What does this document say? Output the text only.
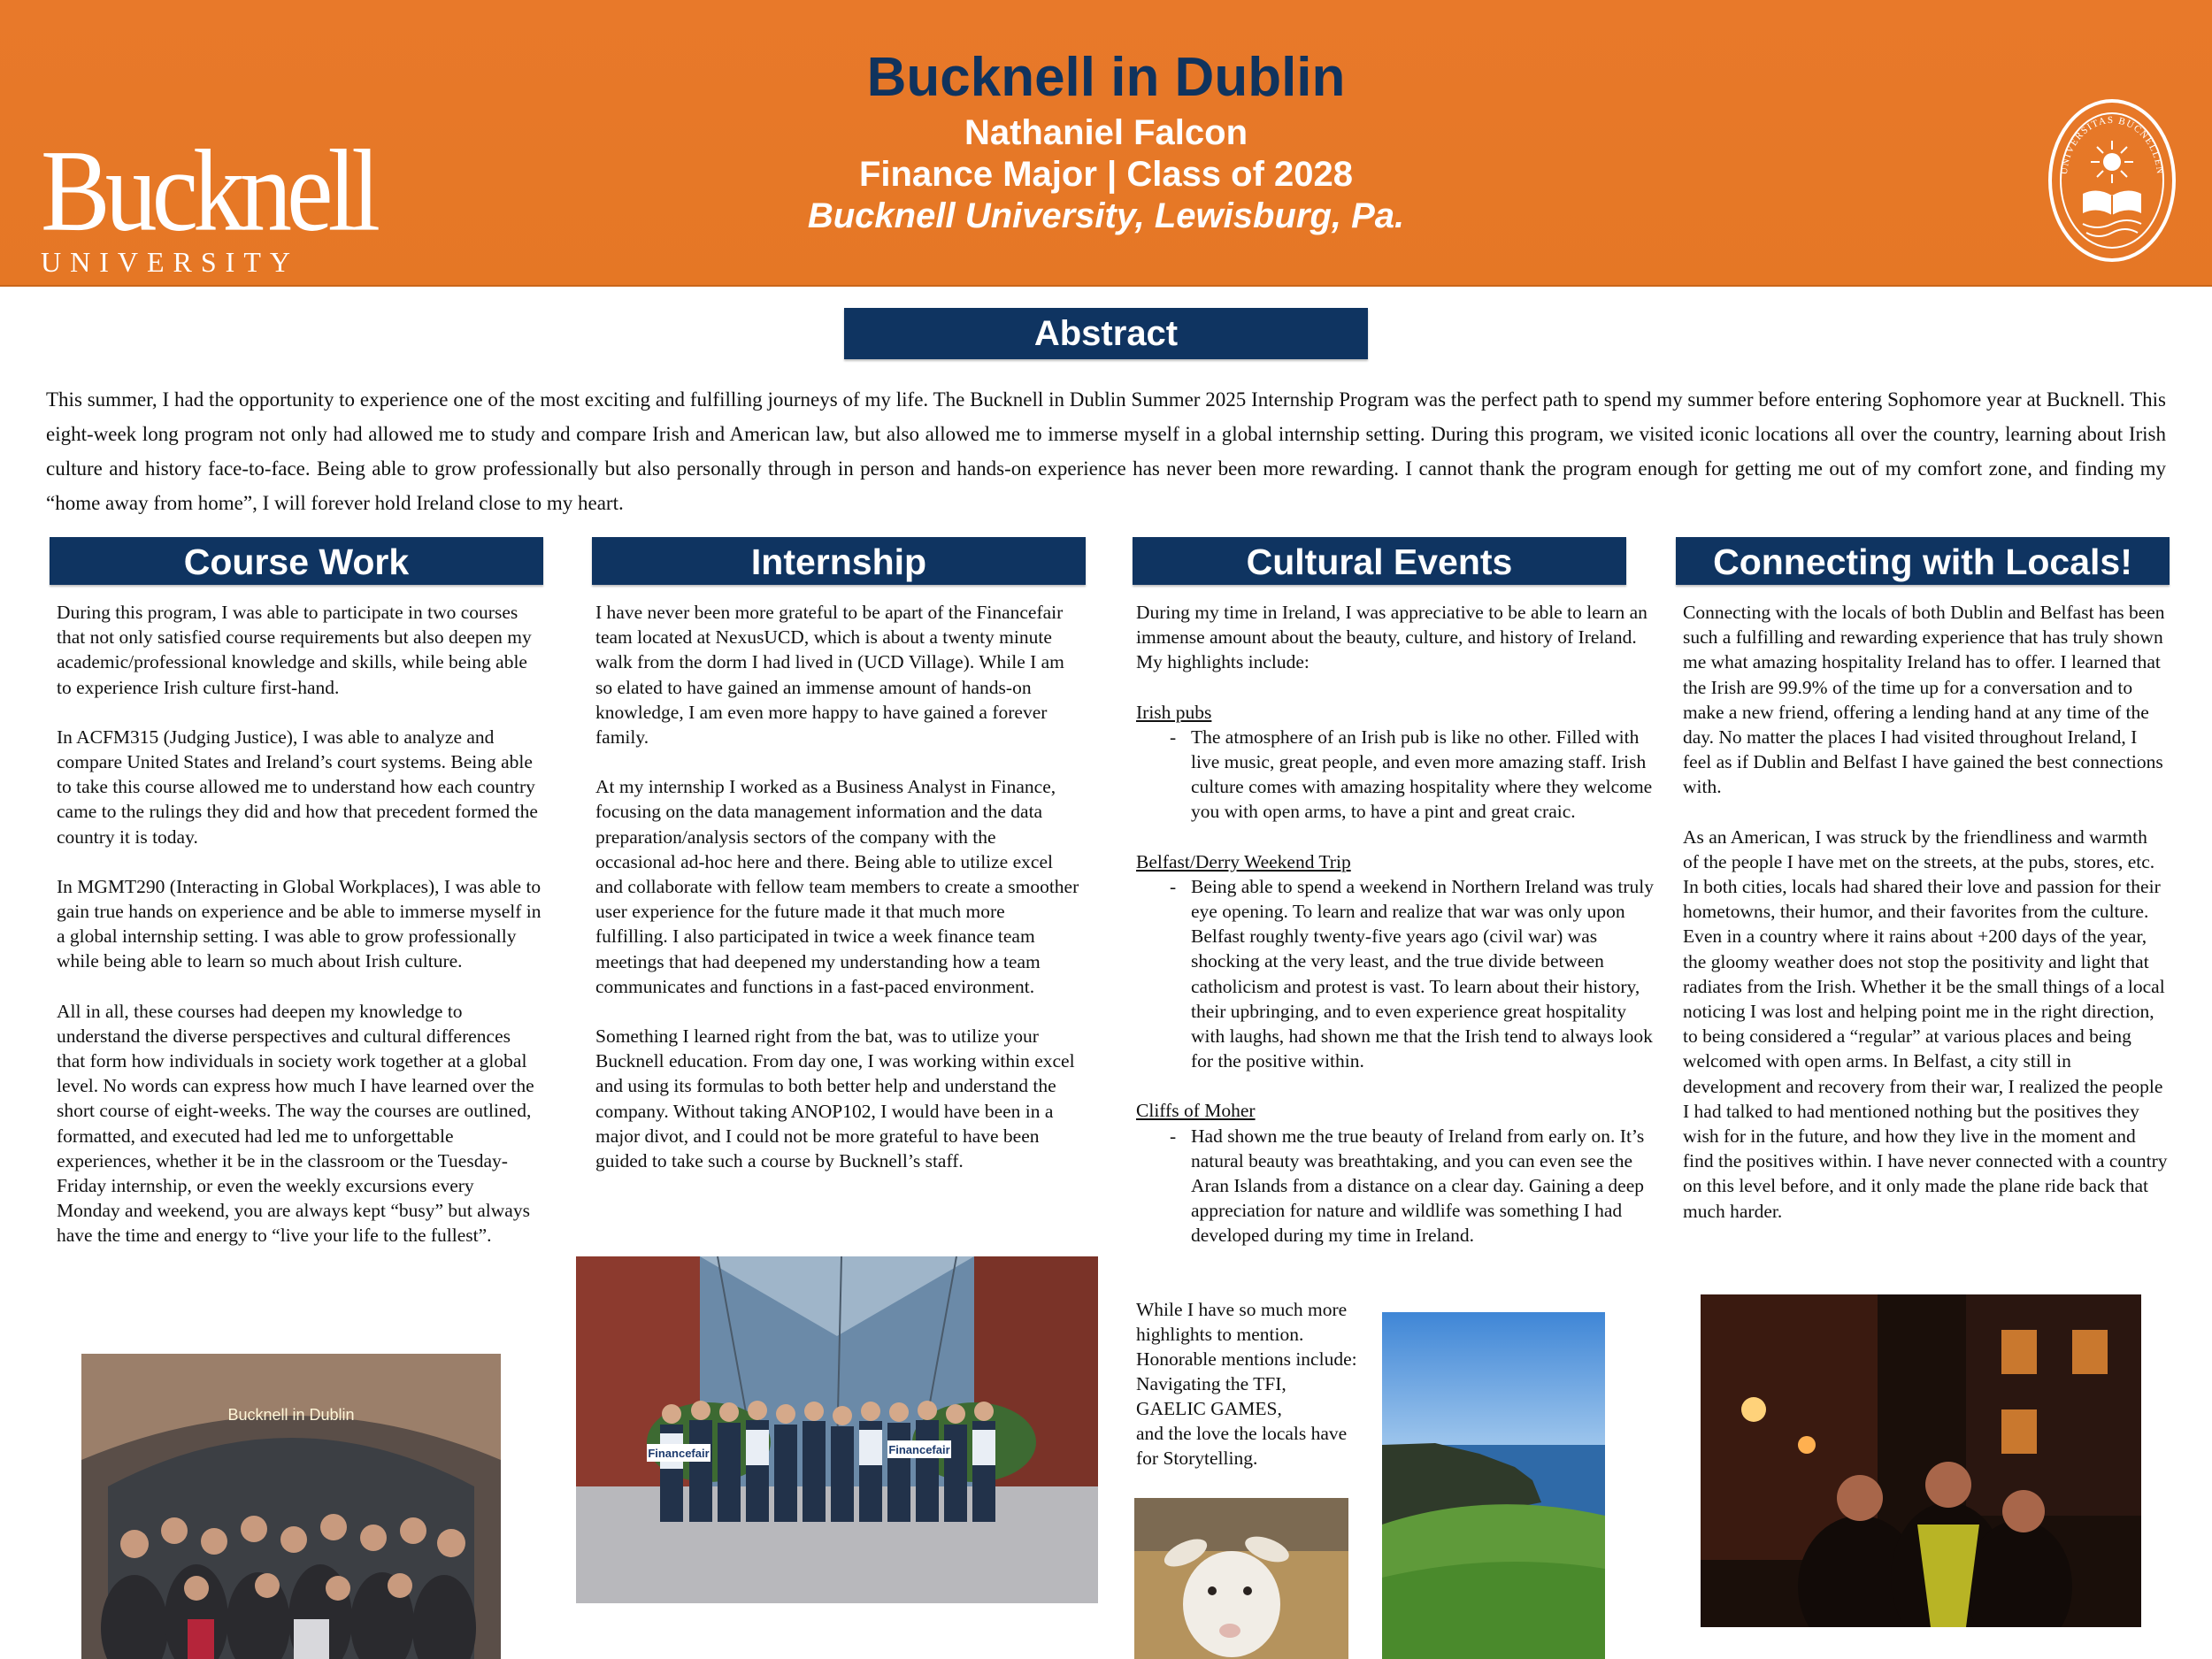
Bucknell
UNIVERSITY
Bucknell in Dublin
Nathaniel Falcon
Finance Major | Class of 2028
Bucknell University, Lewisburg, Pa.
UNIVERSITAS BUCNELLEN
Abstract
This summer, I had the opportunity to experience one of the most exciting and fulfilling journeys of my life. The Bucknell in Dublin Summer 2025 Internship Program was the perfect path to spend my summer before entering Sophomore year at Bucknell. This eight-week long program not only had allowed me to study and compare Irish and American law, but also allowed me to immerse myself in a global internship setting. During this program, we visited iconic locations all over the country, learning about Irish culture and history face-to-face. Being able to grow professionally but also personally through in person and hands-on experience has never been more rewarding. I cannot thank the program enough for getting me out of my comfort zone, and finding my “home away from home”, I will forever hold Ireland close to my heart.
Course Work	Internship	Cultural Events	Connecting with Locals!

During this program, I was able to participate in two courses that not only satisfied course requirements but also deepen my academic/professional knowledge and skills, while being able to experience Irish culture first-hand.

In ACFM315 (Judging Justice), I was able to analyze and compare United States and Ireland’s court systems. Being able to take this course allowed me to understand how each country came to the rulings they did and how that precedent formed the country it is today.

In MGMT290 (Interacting in Global Workplaces), I was able to gain true hands on experience and be able to immerse myself in a global internship setting. I was able to grow professionally while being able to learn so much about Irish culture.

All in all, these courses had deepen my knowledge to understand the diverse perspectives and cultural differences that form how individuals in society work together at a global level. No words can express how much I have learned over the short course of eight-weeks. The way the courses are outlined, formatted, and executed had led me to unforgettable experiences, whether it be in the classroom or the Tuesday-Friday internship, or even the weekly excursions every Monday and weekend, you are always kept “busy” but always have the time and energy to “live your life to the fullest”.

Bucknell in Dublin

I have never been more grateful to be apart of the Financefair team located at NexusUCD, which is about a twenty minute walk from the dorm I had lived in (UCD Village). While I am so elated to have gained an immense amount of hands-on knowledge, I am even more happy to have gained a forever family.

At my internship I worked as a Business Analyst in Finance, focusing on the data management information and the data preparation/analysis sectors of the company with the occasional ad-hoc here and there. Being able to utilize excel and collaborate with fellow team members to create a smoother user experience for the future made it that much more fulfilling. I also participated in twice a week finance team meetings that had deepened my understanding how a team communicates and functions in a fast-paced environment.

Something I learned right from the bat, was to utilize your Bucknell education. From day one, I was working within excel and using its formulas to both better help and understand the company. Without taking ANOP102, I would have been in a major divot, and I could not be more grateful to have been guided to take such a course by Bucknell’s staff.

Financefair	Financefair

During my time in Ireland, I was appreciative to be able to learn an immense amount about the beauty, culture, and history of Ireland. My highlights include:

Irish pubs

- The atmosphere of an Irish pub is like no other. Filled with live music, great people, and even more amazing staff. Irish culture comes with amazing hospitality where they welcome you with open arms, to have a pint and great craic.

Belfast/Derry Weekend Trip

- Being able to spend a weekend in Northern Ireland was truly eye opening. To learn and realize that war was only upon Belfast roughly twenty-five years ago (civil war) was shocking at the very least, and the true divide between catholicism and protest is vast. To learn about their history, their upbringing, and to even experience great hospitality with laughs, had shown me that the Irish tend to always look for the positive within.

Cliffs of Moher

- Had shown me the true beauty of Ireland from early on. It’s natural beauty was breathtaking, and you can even see the Aran Islands from a distance on a clear day. Gaining a deep appreciation for nature and wildlife was something I had developed during my time in Ireland.
While I have so much more
highlights to mention.
Honorable mentions include:
Navigating the TFI,
GAELIC GAMES,
and the love the locals have
for Storytelling.

Connecting with the locals of both Dublin and Belfast has been such a fulfilling and rewarding experience that has truly shown me what amazing hospitality Ireland has to offer. I learned that the Irish are 99.9% of the time up for a conversation and to make a new friend, offering a lending hand at any time of the day. No matter the places I had visited throughout Ireland, I feel as if Dublin and Belfast I have gained the best connections with.

As an American, I was struck by the friendliness and warmth of the people I have met on the streets, at the pubs, stores, etc. In both cities, locals had shared their love and passion for their hometowns, their humor, and their favorites from the culture. Even in a country where it rains about +200 days of the year, the gloomy weather does not stop the positivity and light that radiates from the Irish. Whether it be the small things of a local noticing I was lost and helping point me in the right direction, to being considered a “regular” at various places and being welcomed with open arms. In Belfast, a city still in development and recovery from their war, I realized the people I had talked to had mentioned nothing but the positives they wish for in the future, and how they live in the moment and find the positives within. I have never connected with a country on this level before, and it only made the plane ride back that much harder.
